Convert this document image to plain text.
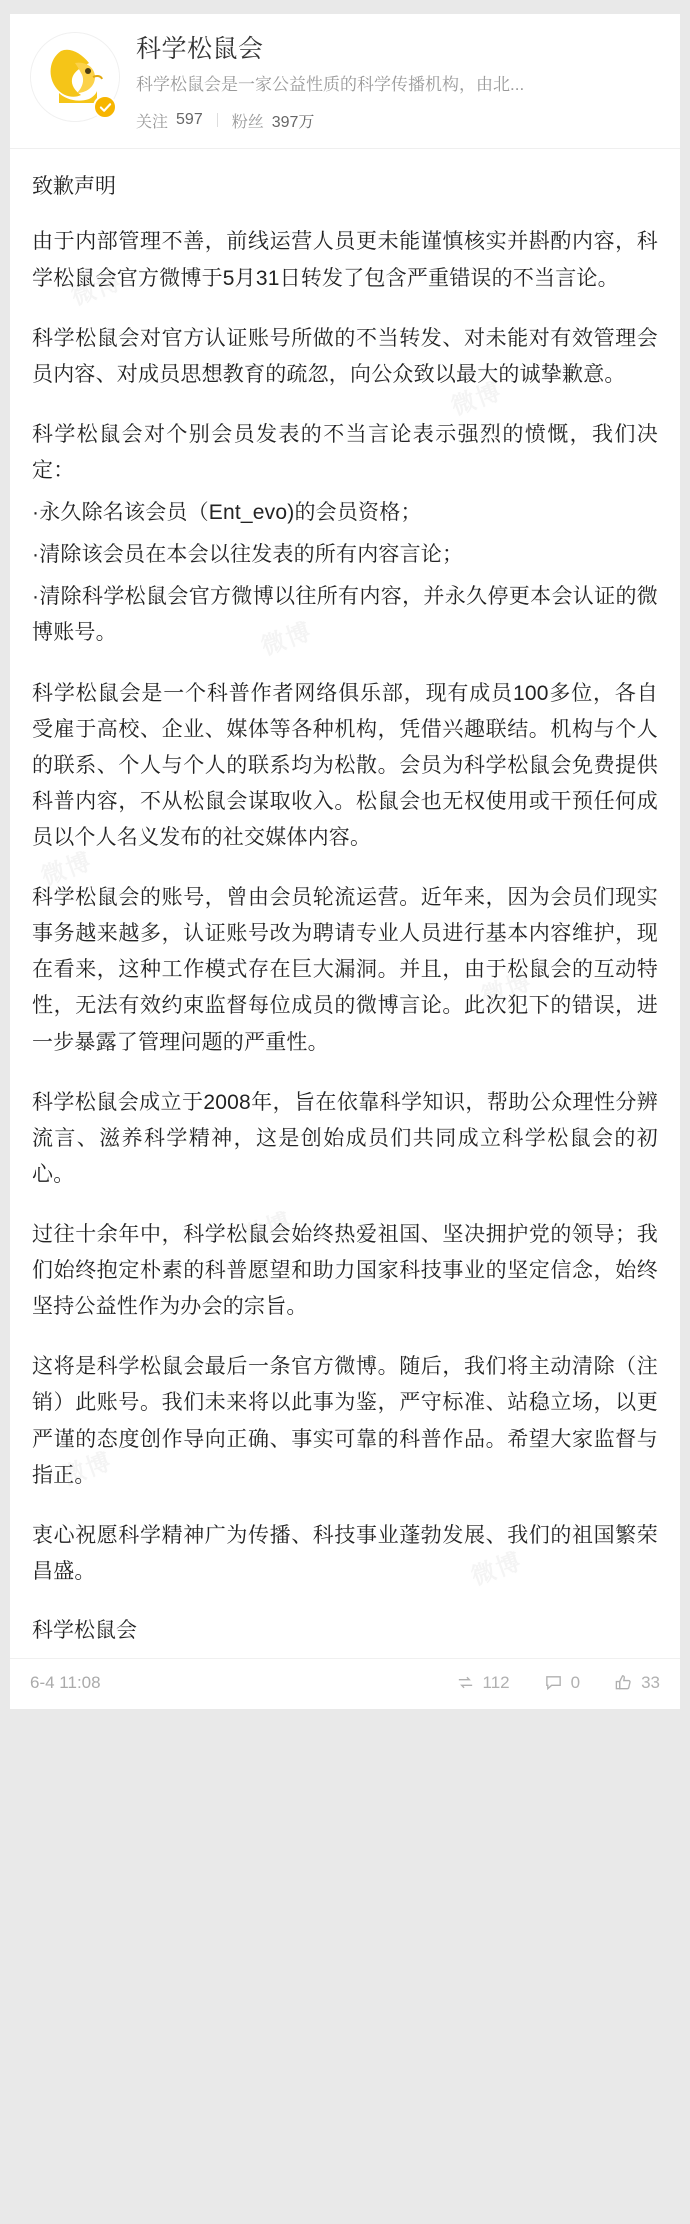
科学松鼠会
科学松鼠会是一家公益性质的科学传播机构，由北...
关注 597 粉丝 397万
致歉声明

由于内部管理不善，前线运营人员更未能谨慎核实并斟酌内容，科学松鼠会官方微博于5月31日转发了包含严重错误的不当言论。

科学松鼠会对官方认证账号所做的不当转发、对未能对有效管理会员内容、对成员思想教育的疏忽，向公众致以最大的诚挚歉意。

科学松鼠会对个别会员发表的不当言论表示强烈的愤慨，我们决定：

·永久除名该会员（Ent_evo)的会员资格；

·清除该会员在本会以往发表的所有内容言论；

·清除科学松鼠会官方微博以往所有内容，并永久停更本会认证的微博账号。

科学松鼠会是一个科普作者网络俱乐部，现有成员100多位，各自受雇于高校、企业、媒体等各种机构，凭借兴趣联结。机构与个人的联系、个人与个人的联系均为松散。会员为科学松鼠会免费提供科普内容，不从松鼠会谋取收入。松鼠会也无权使用或干预任何成员以个人名义发布的社交媒体内容。

科学松鼠会的账号，曾由会员轮流运营。近年来，因为会员们现实事务越来越多，认证账号改为聘请专业人员进行基本内容维护，现在看来，这种工作模式存在巨大漏洞。并且，由于松鼠会的互动特性，无法有效约束监督每位成员的微博言论。此次犯下的错误，进一步暴露了管理问题的严重性。

科学松鼠会成立于2008年，旨在依靠科学知识，帮助公众理性分辨流言、滋养科学精神，这是创始成员们共同成立科学松鼠会的初心。

过往十余年中，科学松鼠会始终热爱祖国、坚决拥护党的领导；我们始终抱定朴素的科普愿望和助力国家科技事业的坚定信念，始终坚持公益性作为办会的宗旨。

这将是科学松鼠会最后一条官方微博。随后，我们将主动清除（注销）此账号。我们未来将以此事为鉴，严守标准、站稳立场，以更严谨的态度创作导向正确、事实可靠的科普作品。希望大家监督与指正。

衷心祝愿科学精神广为传播、科技事业蓬勃发展、我们的祖国繁荣昌盛。

科学松鼠会

6-4 11:08	112	0	33
